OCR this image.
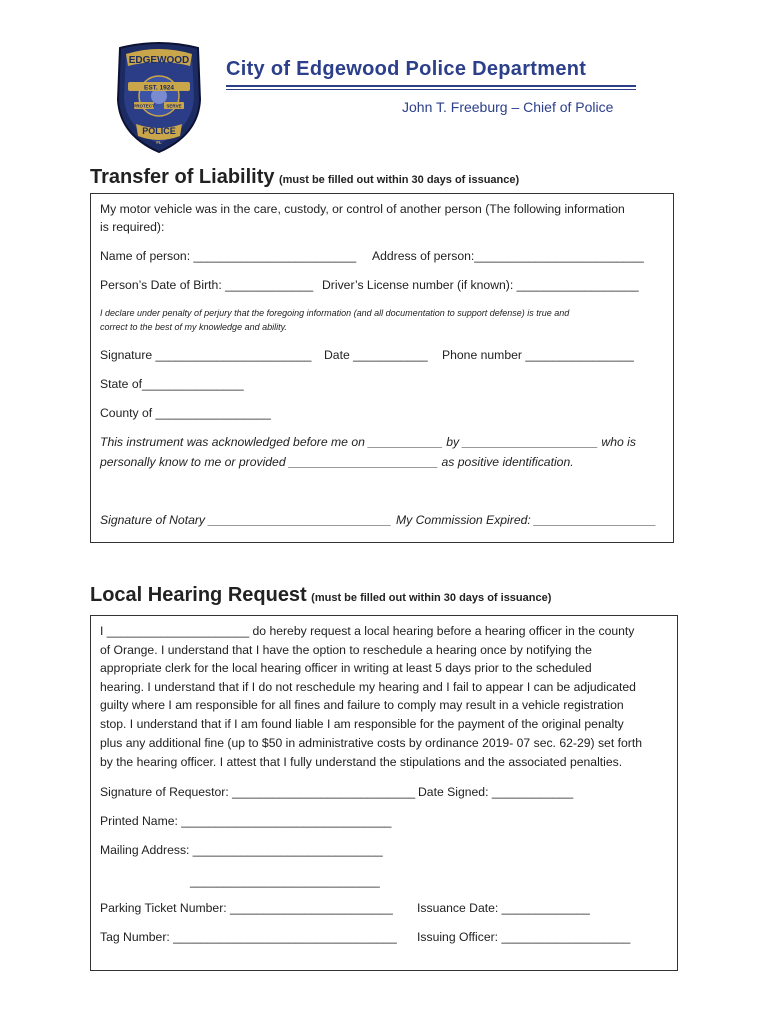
EDGEWOOD
EST. 1924
PROTECT	SERVE
POLICE
FL
City of Edgewood Police Department
John T. Freeburg – Chief of Police
Transfer of Liability (must be filled out within 30 days of issuance)
My motor vehicle was in the care, custody, or control of another person (The following information
is required):
Name of person: ________________________ Address of person:_________________________
Person’s Date of Birth: _____________ Driver’s License number (if known): __________________
I declare under penalty of perjury that the foregoing information (and all documentation to support defense) is true and
correct to the best of my knowledge and ability.
Signature _______________________ Date ___________ Phone number ________________
State of_______________
County of _________________
This instrument was acknowledged before me on ___________ by ____________________ who is
personally know to me or provided ______________________ as positive identification.
Signature of Notary ___________________________ My Commission Expired: __________________
Local Hearing Request (must be filled out within 30 days of issuance)
I _____________________ do hereby request a local hearing before a hearing officer in the county
of Orange. I understand that I have the option to reschedule a hearing once by notifying the
appropriate clerk for the local hearing officer in writing at least 5 days prior to the scheduled
hearing. I understand that if I do not reschedule my hearing and I fail to appear I can be adjudicated
guilty where I am responsible for all fines and failure to comply may result in a vehicle registration
stop. I understand that if I am found liable I am responsible for the payment of the original penalty
plus any additional fine (up to $50 in administrative costs by ordinance 2019- 07 sec. 62-29) set forth
by the hearing officer. I attest that I fully understand the stipulations and the associated penalties.
Signature of Requestor: ___________________________ Date Signed: ____________
Printed Name: _______________________________
Mailing Address: ____________________________
____________________________
Parking Ticket Number: ________________________ Issuance Date: _____________
Tag Number: _________________________________ Issuing Officer: ___________________
